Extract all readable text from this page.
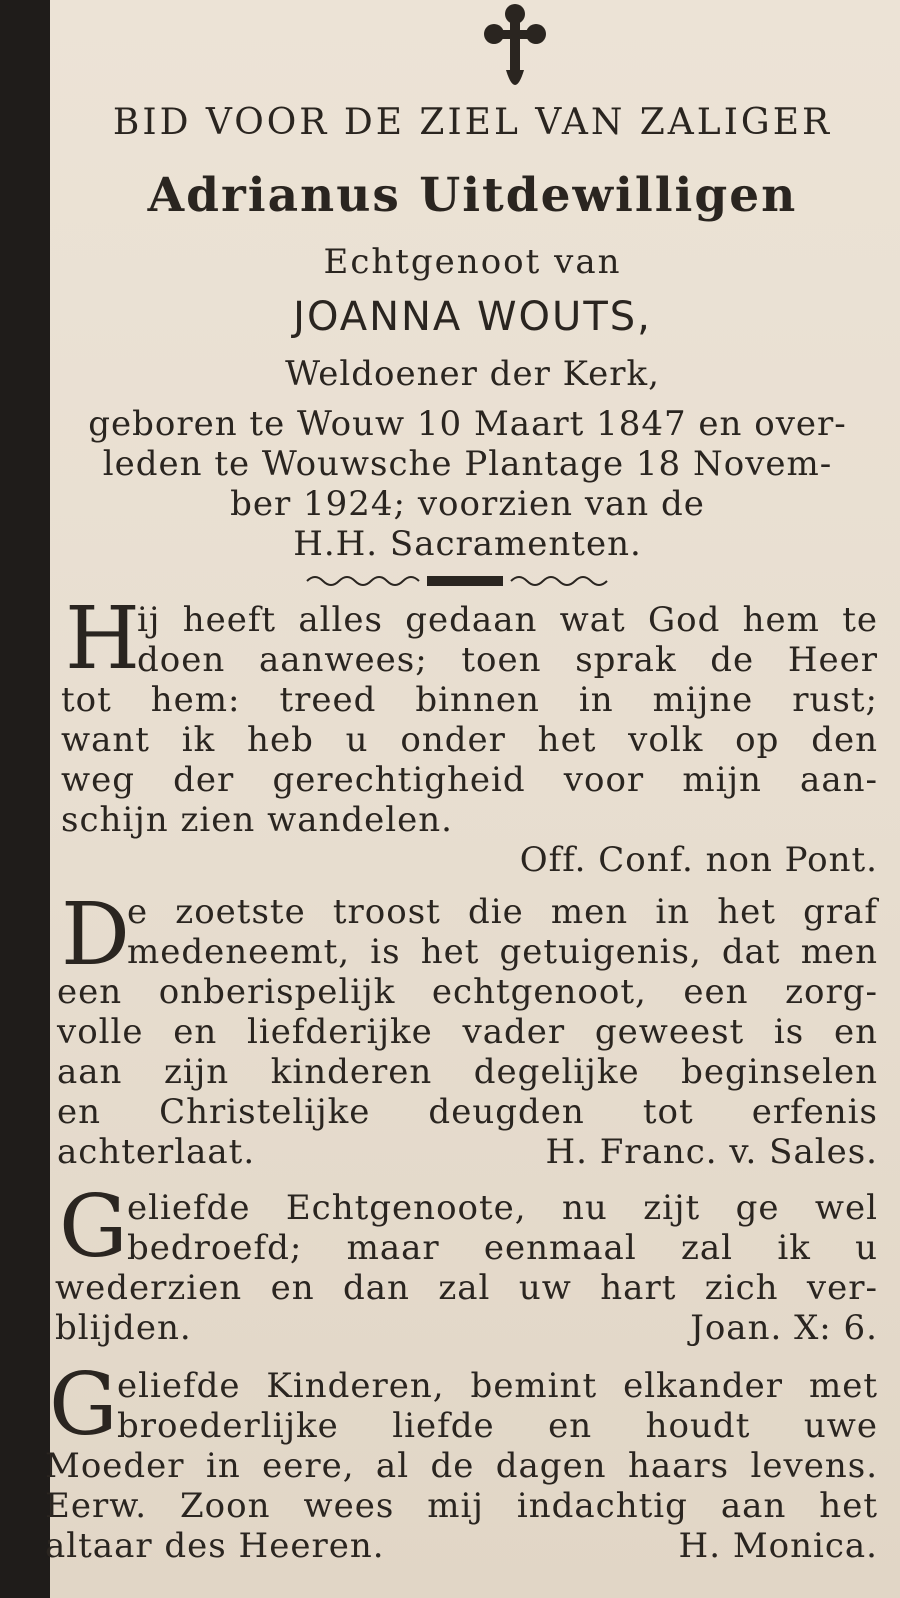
BID VOOR DE ZIEL VAN ZALIGER
Adrianus Uitdewilligen
Echtgenoot van
JOANNA WOUTS,
Weldoener der Kerk,
geboren te Wouw 10 Maart 1847 en over-
leden te Wouwsche Plantage 18 Novem-
ber 1924; voorzien van de
H.H. Sacramenten.
H
ij heeft alles gedaan wat God hem te
doen aanwees; toen sprak de Heer
tot hem: treed binnen in mijne rust;
want ik heb u onder het volk op den
weg der gerechtigheid voor mijn aan-
schijn zien wandelen.
Off. Conf. non Pont.
D
e zoetste troost die men in het graf
medeneemt, is het getuigenis, dat men
een onberispelijk echtgenoot, een zorg-
volle en liefderijke vader geweest is en
aan zijn kinderen degelijke beginselen
en Christelijke deugden tot erfenis
achterlaat.	H. Franc. v. Sales.
G eliefde Echtgenoote, nu zijt ge wel
bedroefd; maar eenmaal zal ik u
wederzien en dan zal uw hart zich ver-
blijden.	Joan. X: 6.
G eliefde Kinderen, bemint elkander met
broederlijke liefde en houdt uwe
Moeder in eere, al de dagen haars levens.
Eerw. Zoon wees mij indachtig aan het
altaar des Heeren.	H. Monica.
